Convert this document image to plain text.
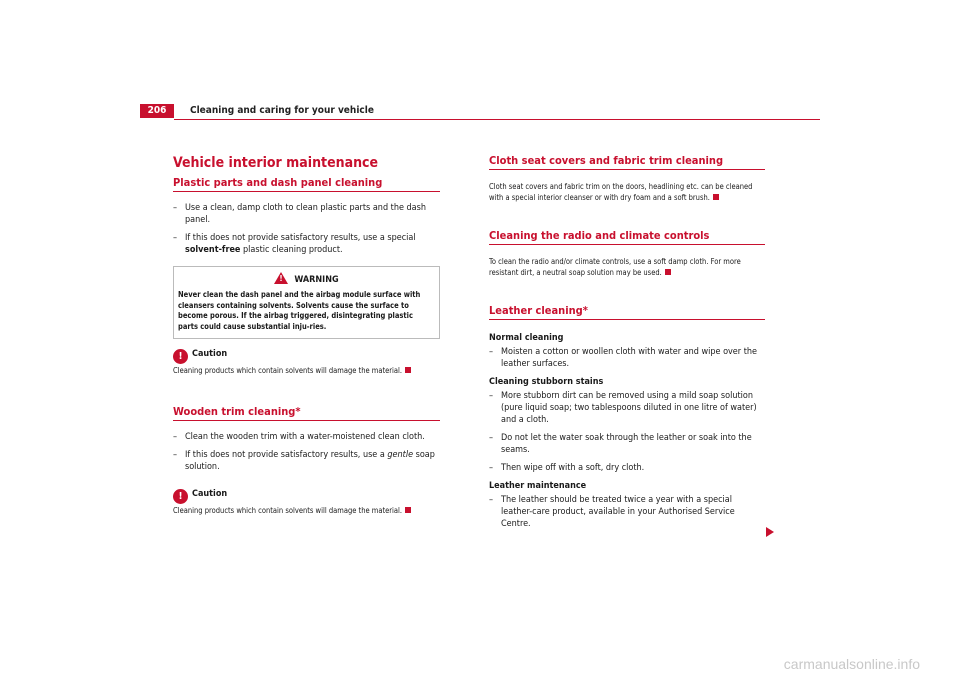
206	Cleaning and caring for your vehicle
Vehicle interior maintenance
Plastic parts and dash panel cleaning

– Use a clean, damp cloth to clean plastic parts and the dash panel.

– If this does not provide satisfactory results, use a special solvent-free plastic cleaning product.

! WARNING

Never clean the dash panel and the airbag module surface with cleansers containing solvents. Solvents cause the surface to become porous. If the airbag triggered, disintegrating plastic parts could cause substantial inju-ries.

! Caution

Cleaning products which contain solvents will damage the material.

Wooden trim cleaning*

– Clean the wooden trim with a water-moistened clean cloth.

– If this does not provide satisfactory results, use a gentle soap solution.

! Caution

Cleaning products which contain solvents will damage the material.

Cloth seat covers and fabric trim cleaning

Cloth seat covers and fabric trim on the doors, headlining etc. can be cleaned with a special interior cleanser or with dry foam and a soft brush.

Cleaning the radio and climate controls

To clean the radio and/or climate controls, use a soft damp cloth. For more resistant dirt, a neutral soap solution may be used.

Leather cleaning*

Normal cleaning

– Moisten a cotton or woollen cloth with water and wipe over the leather surfaces.

Cleaning stubborn stains

– More stubborn dirt can be removed using a mild soap solution (pure liquid soap; two tablespoons diluted in one litre of water) and a cloth.

– Do not let the water soak through the leather or soak into the seams.

– Then wipe off with a soft, dry cloth.

Leather maintenance

– The leather should be treated twice a year with a special leather-care product, available in your Authorised Service Centre.

carmanualsonline.info
